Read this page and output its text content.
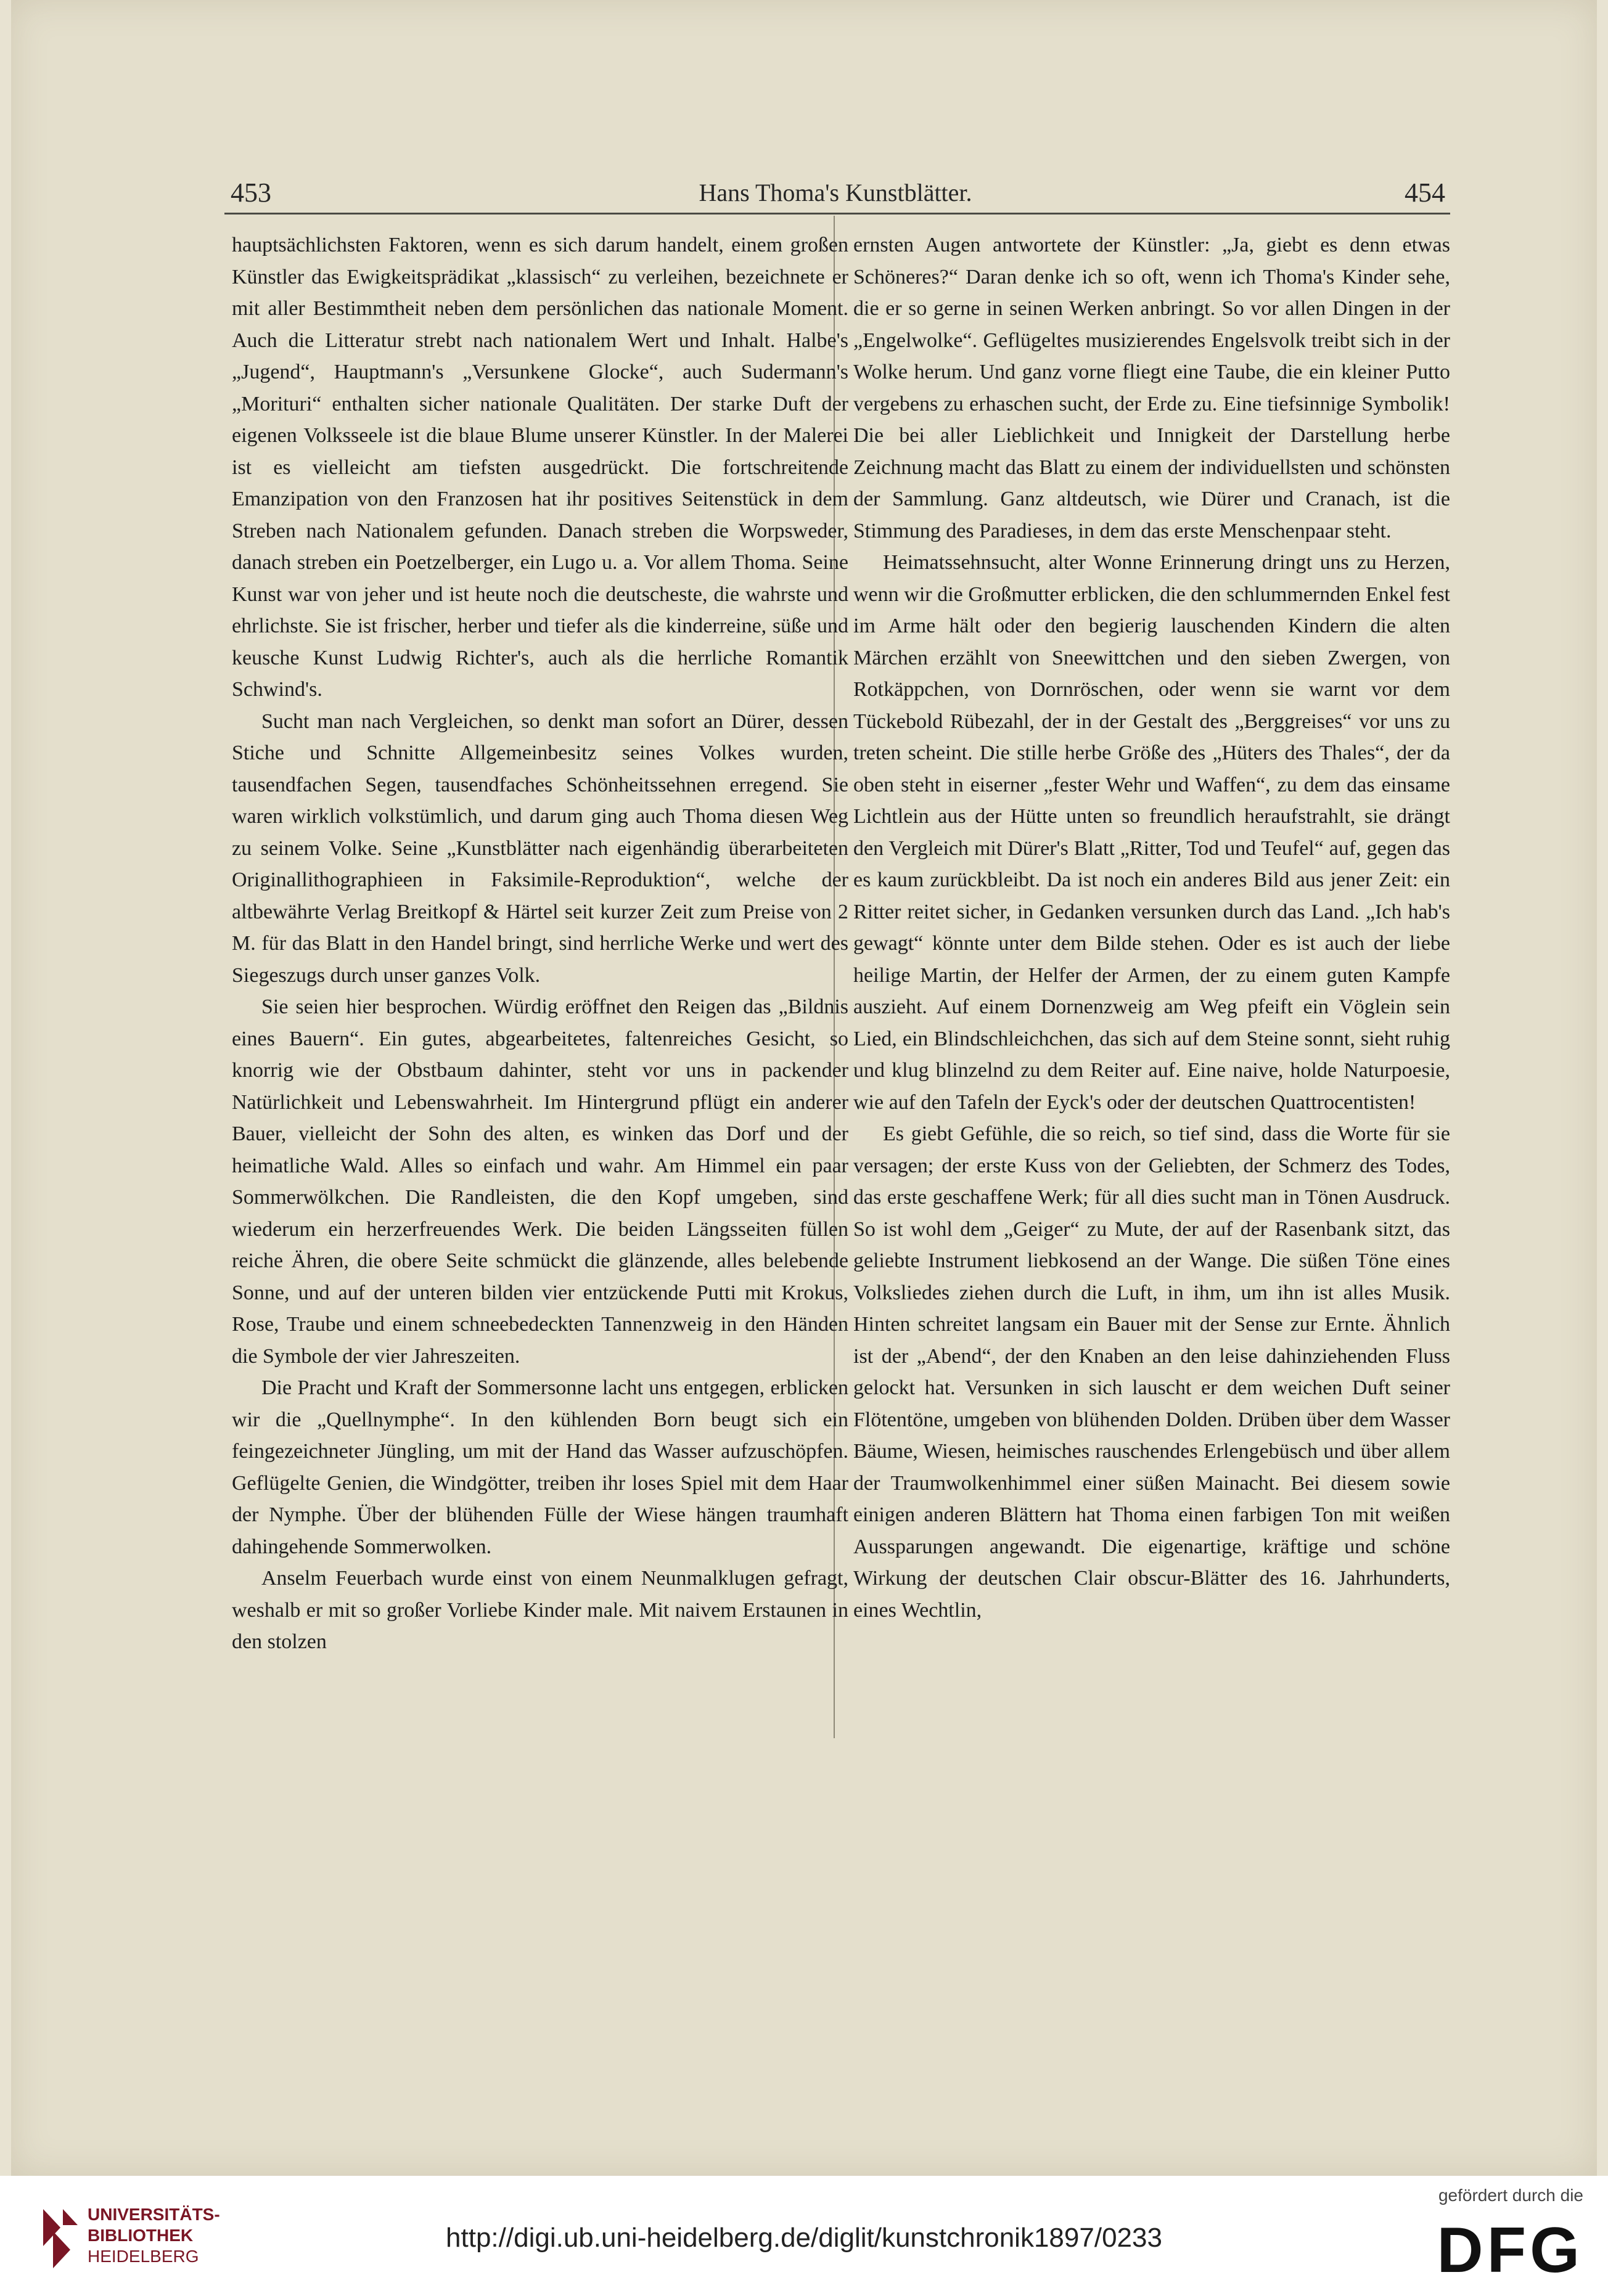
453	Hans Thoma's Kunstblätter.	454

hauptsächlichsten Faktoren, wenn es sich darum handelt, einem großen Künstler das Ewigkeitsprädikat „klassisch“ zu verleihen, bezeichnete er mit aller Bestimmtheit neben dem persönlichen das nationale Moment. Auch die Litteratur strebt nach nationalem Wert und Inhalt. Halbe's „Jugend“, Hauptmann's „Versunkene Glocke“, auch Sudermann's „Morituri“ enthalten sicher nationale Qualitäten. Der starke Duft der eigenen Volksseele ist die blaue Blume unserer Künstler. In der Malerei ist es vielleicht am tiefsten ausgedrückt. Die fortschreitende Emanzipation von den Franzosen hat ihr positives Seitenstück in dem Streben nach Nationalem gefunden. Danach streben die Worpsweder, danach streben ein Poetzelberger, ein Lugo u. a. Vor allem Thoma. Seine Kunst war von jeher und ist heute noch die deutscheste, die wahrste und ehrlichste. Sie ist frischer, herber und tiefer als die kinderreine, süße und keusche Kunst Ludwig Richter's, auch als die herrliche Romantik Schwind's.

Sucht man nach Vergleichen, so denkt man sofort an Dürer, dessen Stiche und Schnitte Allgemeinbesitz seines Volkes wurden, tausendfachen Segen, tausendfaches Schönheitssehnen erregend. Sie waren wirklich volkstümlich, und darum ging auch Thoma diesen Weg zu seinem Volke. Seine „Kunstblätter nach eigenhändig überarbeiteten Originallithographieen in Faksimile-Reproduktion“, welche der altbewährte Verlag Breitkopf & Härtel seit kurzer Zeit zum Preise von 2 M. für das Blatt in den Handel bringt, sind herrliche Werke und wert des Siegeszugs durch unser ganzes Volk.

Sie seien hier besprochen. Würdig eröffnet den Reigen das „Bildnis eines Bauern“. Ein gutes, abgearbeitetes, faltenreiches Gesicht, so knorrig wie der Obstbaum dahinter, steht vor uns in packender Natürlichkeit und Lebenswahrheit. Im Hintergrund pflügt ein anderer Bauer, vielleicht der Sohn des alten, es winken das Dorf und der heimatliche Wald. Alles so einfach und wahr. Am Himmel ein paar Sommerwölkchen. Die Randleisten, die den Kopf umgeben, sind wiederum ein herzerfreuendes Werk. Die beiden Längsseiten füllen reiche Ähren, die obere Seite schmückt die glänzende, alles belebende Sonne, und auf der unteren bilden vier entzückende Putti mit Krokus, Rose, Traube und einem schneebedeckten Tannenzweig in den Händen die Symbole der vier Jahreszeiten.

Die Pracht und Kraft der Sommersonne lacht uns entgegen, erblicken wir die „Quellnymphe“. In den kühlenden Born beugt sich ein feingezeichneter Jüngling, um mit der Hand das Wasser aufzuschöpfen. Geflügelte Genien, die Windgötter, treiben ihr loses Spiel mit dem Haar der Nymphe. Über der blühenden Fülle der Wiese hängen traumhaft dahingehende Sommerwolken.

Anselm Feuerbach wurde einst von einem Neunmalklugen gefragt, weshalb er mit so großer Vorliebe Kinder male. Mit naivem Erstaunen in den stolzen

ernsten Augen antwortete der Künstler: „Ja, giebt es denn etwas Schöneres?“ Daran denke ich so oft, wenn ich Thoma's Kinder sehe, die er so gerne in seinen Werken anbringt. So vor allen Dingen in der „Engelwolke“. Geflügeltes musizierendes Engelsvolk treibt sich in der Wolke herum. Und ganz vorne fliegt eine Taube, die ein kleiner Putto vergebens zu erhaschen sucht, der Erde zu. Eine tiefsinnige Symbolik! Die bei aller Lieblichkeit und Innigkeit der Darstellung herbe Zeichnung macht das Blatt zu einem der individuellsten und schönsten der Sammlung. Ganz altdeutsch, wie Dürer und Cranach, ist die Stimmung des Paradieses, in dem das erste Menschenpaar steht.

Heimatssehnsucht, alter Wonne Erinnerung dringt uns zu Herzen, wenn wir die Großmutter erblicken, die den schlummernden Enkel fest im Arme hält oder den begierig lauschenden Kindern die alten Märchen erzählt von Sneewittchen und den sieben Zwergen, von Rotkäppchen, von Dornröschen, oder wenn sie warnt vor dem Tückebold Rübezahl, der in der Gestalt des „Berggreises“ vor uns zu treten scheint. Die stille herbe Größe des „Hüters des Thales“, der da oben steht in eiserner „fester Wehr und Waffen“, zu dem das einsame Lichtlein aus der Hütte unten so freundlich heraufstrahlt, sie drängt den Vergleich mit Dürer's Blatt „Ritter, Tod und Teufel“ auf, gegen das es kaum zurückbleibt. Da ist noch ein anderes Bild aus jener Zeit: ein Ritter reitet sicher, in Gedanken versunken durch das Land. „Ich hab's gewagt“ könnte unter dem Bilde stehen. Oder es ist auch der liebe heilige Martin, der Helfer der Armen, der zu einem guten Kampfe auszieht. Auf einem Dornenzweig am Weg pfeift ein Vöglein sein Lied, ein Blindschleichchen, das sich auf dem Steine sonnt, sieht ruhig und klug blinzelnd zu dem Reiter auf. Eine naive, holde Naturpoesie, wie auf den Tafeln der Eyck's oder der deutschen Quattrocentisten!

Es giebt Gefühle, die so reich, so tief sind, dass die Worte für sie versagen; der erste Kuss von der Geliebten, der Schmerz des Todes, das erste geschaffene Werk; für all dies sucht man in Tönen Ausdruck. So ist wohl dem „Geiger“ zu Mute, der auf der Rasenbank sitzt, das geliebte Instrument liebkosend an der Wange. Die süßen Töne eines Volksliedes ziehen durch die Luft, in ihm, um ihn ist alles Musik. Hinten schreitet langsam ein Bauer mit der Sense zur Ernte. Ähnlich ist der „Abend“, der den Knaben an den leise dahinziehenden Fluss gelockt hat. Versunken in sich lauscht er dem weichen Duft seiner Flötentöne, umgeben von blühenden Dolden. Drüben über dem Wasser Bäume, Wiesen, heimisches rauschendes Erlengebüsch und über allem der Traumwolkenhimmel einer süßen Mainacht. Bei diesem sowie einigen anderen Blättern hat Thoma einen farbigen Ton mit weißen Aussparungen angewandt. Die eigenartige, kräftige und schöne Wirkung der deutschen Clair obscur-Blätter des 16. Jahrhunderts, eines Wechtlin,

UNIVERSITÄTS-
BIBLIOTHEK
HEIDELBERG
http://digi.ub.uni-heidelberg.de/diglit/kunstchronik1897/0233
gefördert durch die
DFG
